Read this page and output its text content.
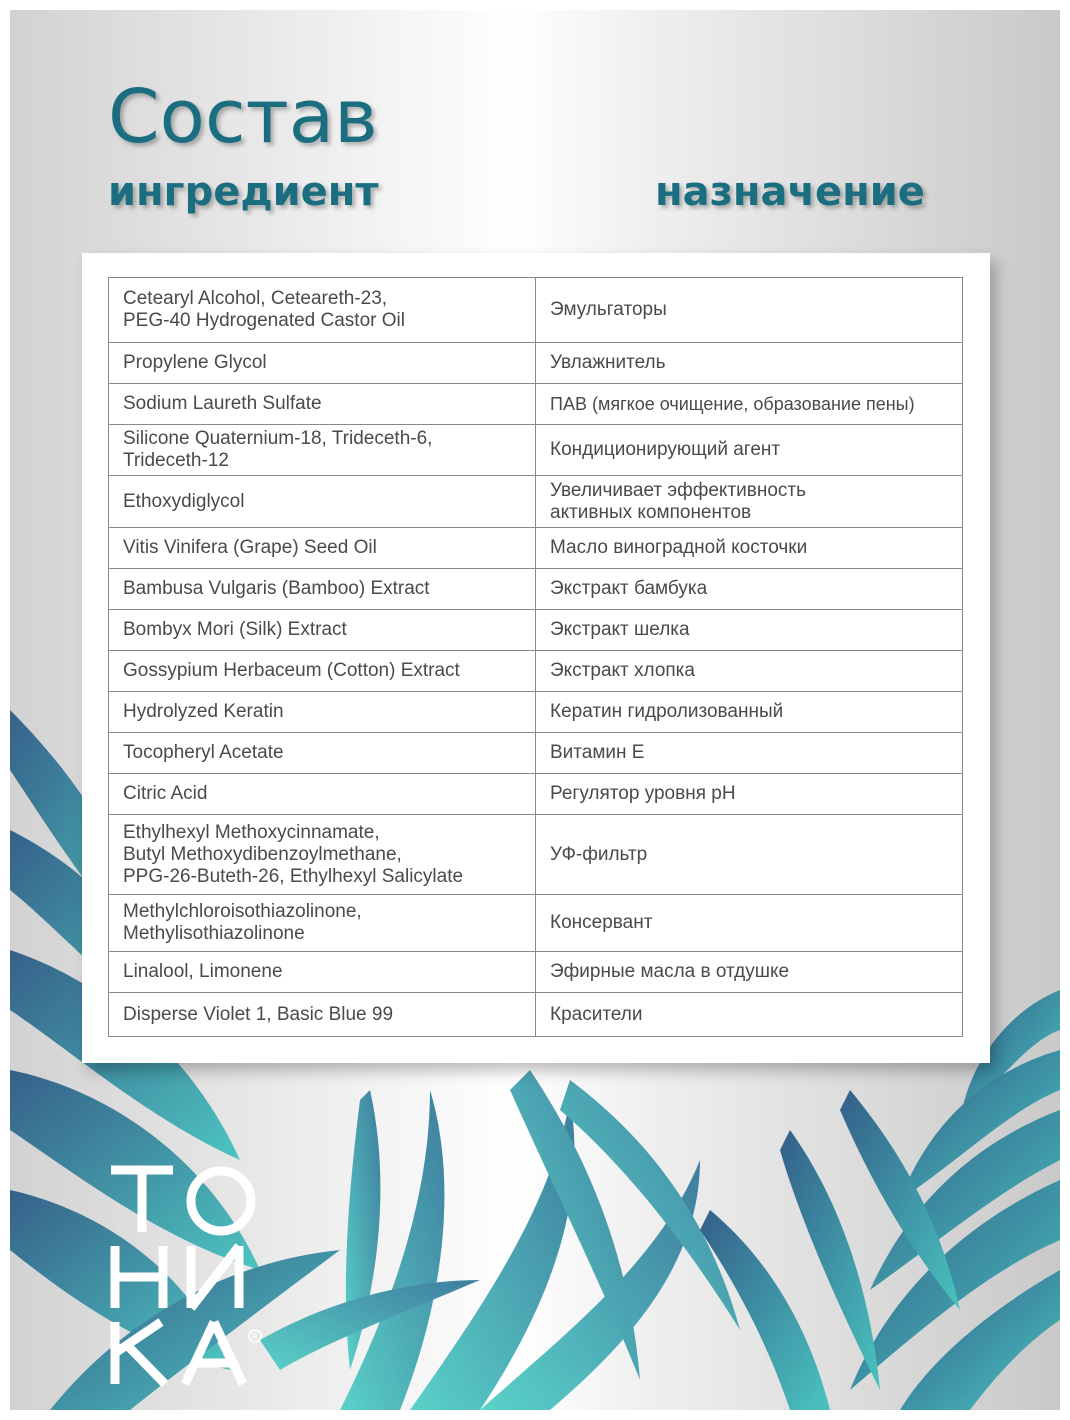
Состав
ингредиент	назначение
Cetearyl Alcohol, Ceteareth-23,
PEG-40 Hydrogenated Castor Oil	Эмульгаторы
Propylene Glycol	Увлажнитель
Sodium Laureth Sulfate	ПАВ (мягкое очищение, образование пены)
Silicone Quaternium-18, Trideceth-6,
Trideceth-12	Кондиционирующий агент
Ethoxydiglycol	Увеличивает эффективность
активных компонентов
Vitis Vinifera (Grape) Seed Oil	Масло виноградной косточки
Bambusa Vulgaris (Bamboo) Extract	Экстракт бамбука
Bombyx Mori (Silk) Extract	Экстракт шелка
Gossypium Herbaceum (Cotton) Extract	Экстракт хлопка
Hydrolyzed Keratin	Кератин гидролизованный
Tocopheryl Acetate	Витамин Е
Citric Acid	Регулятор уровня pH
Ethylhexyl Methoxycinnamate,
Butyl Methoxydibenzoylmethane,
PPG-26-Buteth-26, Ethylhexyl Salicylate	УФ-фильтр
Methylchloroisothiazolinone,
Methylisothiazolinone	Консервант
Linalool, Limonene	Эфирные масла в отдушке
Disperse Violet 1, Basic Blue 99	Красители
R
